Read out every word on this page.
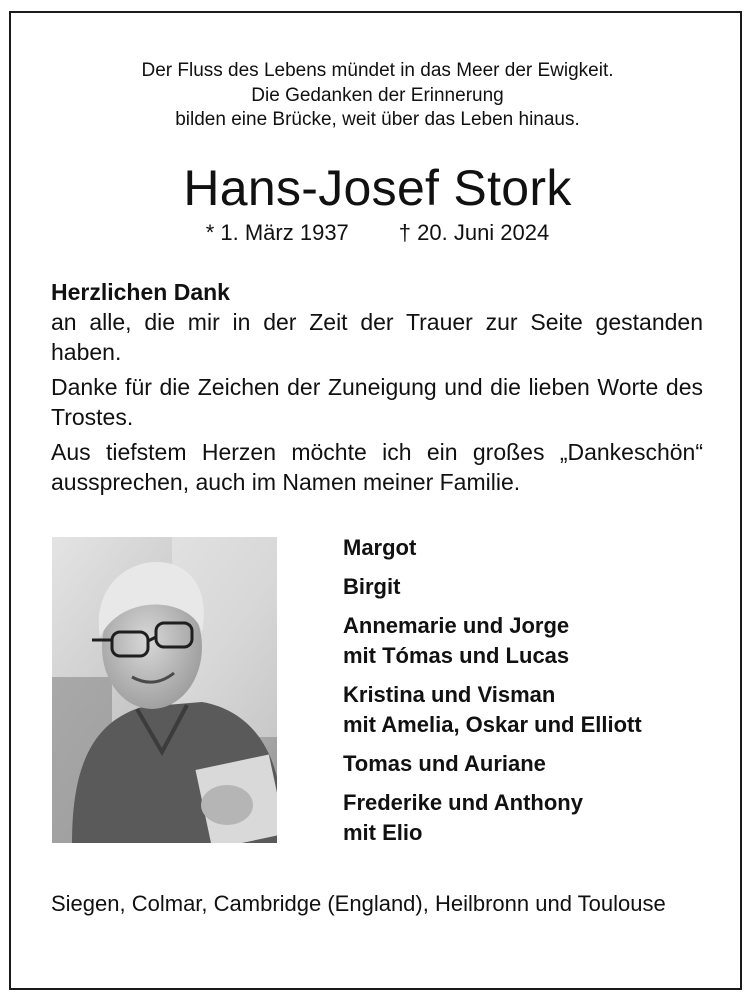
Der Fluss des Lebens mündet in das Meer der Ewigkeit.
Die Gedanken der Erinnerung
bilden eine Brücke, weit über das Leben hinaus.
Hans-Josef Stork
* 1. März 1937 † 20. Juni 2024

Herzlichen Dank

an alle, die mir in der Zeit der Trauer zur Seite gestanden haben.

Danke für die Zeichen der Zuneigung und die lieben Worte des Trostes.

Aus tiefstem Herzen möchte ich ein großes „Dankeschön“ aussprechen, auch im Namen meiner Familie.

Margot
Birgit
Annemarie und Jorge
mit Tómas und Lucas
Kristina und Visman
mit Amelia, Oskar und Elliott
Tomas und Auriane
Frederike und Anthony
mit Elio
Siegen, Colmar, Cambridge (England), Heilbronn und Toulouse
